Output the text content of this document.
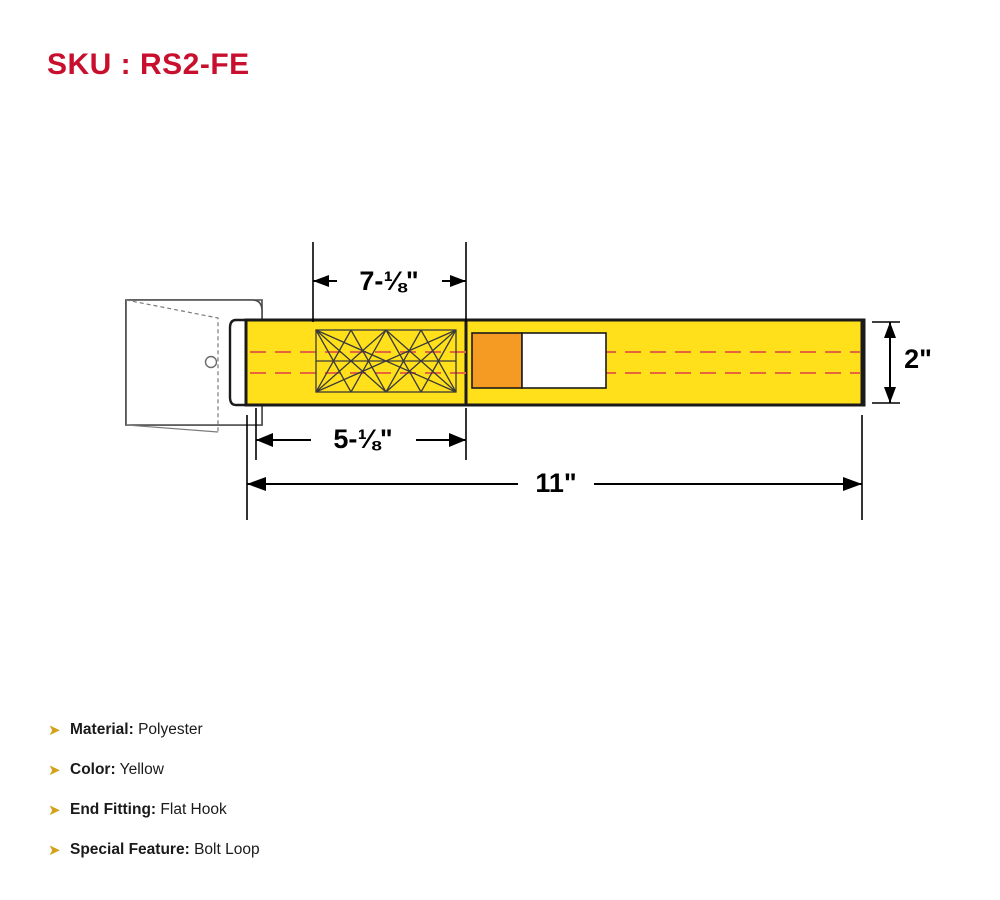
SKU : RS2-FE
7-⅛"
5-⅛"
11"
2"
➤ Material: Polyester
➤ Color: Yellow
➤ End Fitting: Flat Hook
➤ Special Feature: Bolt Loop
